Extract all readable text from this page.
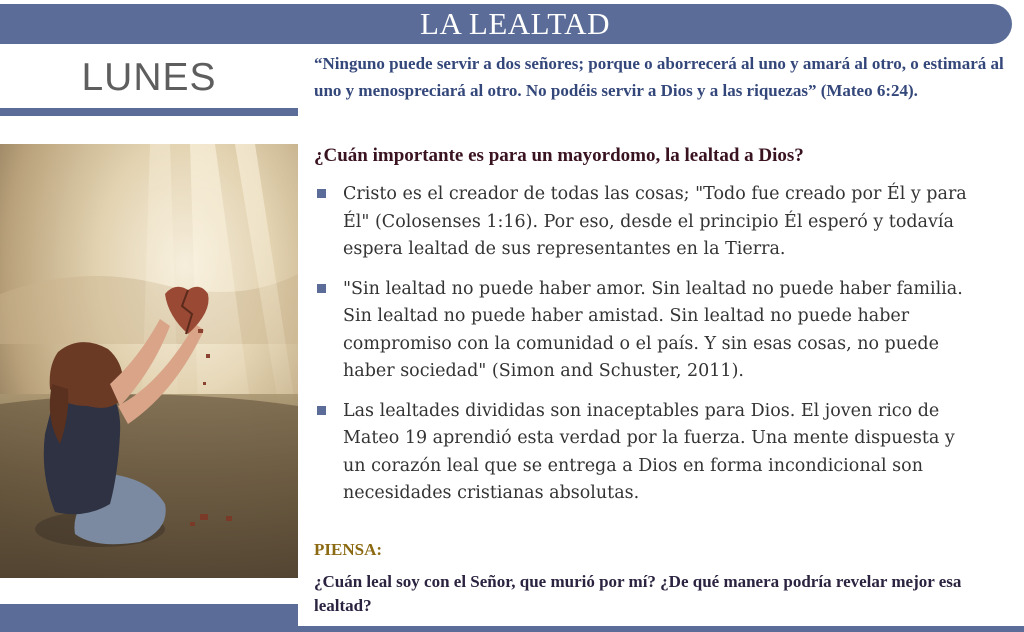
LA LEALTAD
LUNES	“Ninguno puede servir a dos señores; porque o aborrecerá al uno y amará al otro, o estimará al uno y menospreciará al otro. No podéis servir a Dios y a las riquezas” (Mateo 6:24).
¿Cuán importante es para un mayordomo, la lealtad a Dios?
Cristo es el creador de todas las cosas; "Todo fue creado por Él y para Él" (Colosenses 1:16). Por eso, desde el principio Él esperó y todavía espera lealtad de sus representantes en la Tierra.
"Sin lealtad no puede haber amor. Sin lealtad no puede haber familia. Sin lealtad no puede haber amistad. Sin lealtad no puede haber compromiso con la comunidad o el país. Y sin esas cosas, no puede haber sociedad" (Simon and Schuster, 2011).
Las lealtades divididas son inaceptables para Dios. El joven rico de Mateo 19 aprendió esta verdad por la fuerza. Una mente dispuesta y un corazón leal que se entrega a Dios en forma incondicional son necesidades cristianas absolutas.
PIENSA:
¿Cuán leal soy con el Señor, que murió por mí? ¿De qué manera podría revelar mejor esa lealtad?
